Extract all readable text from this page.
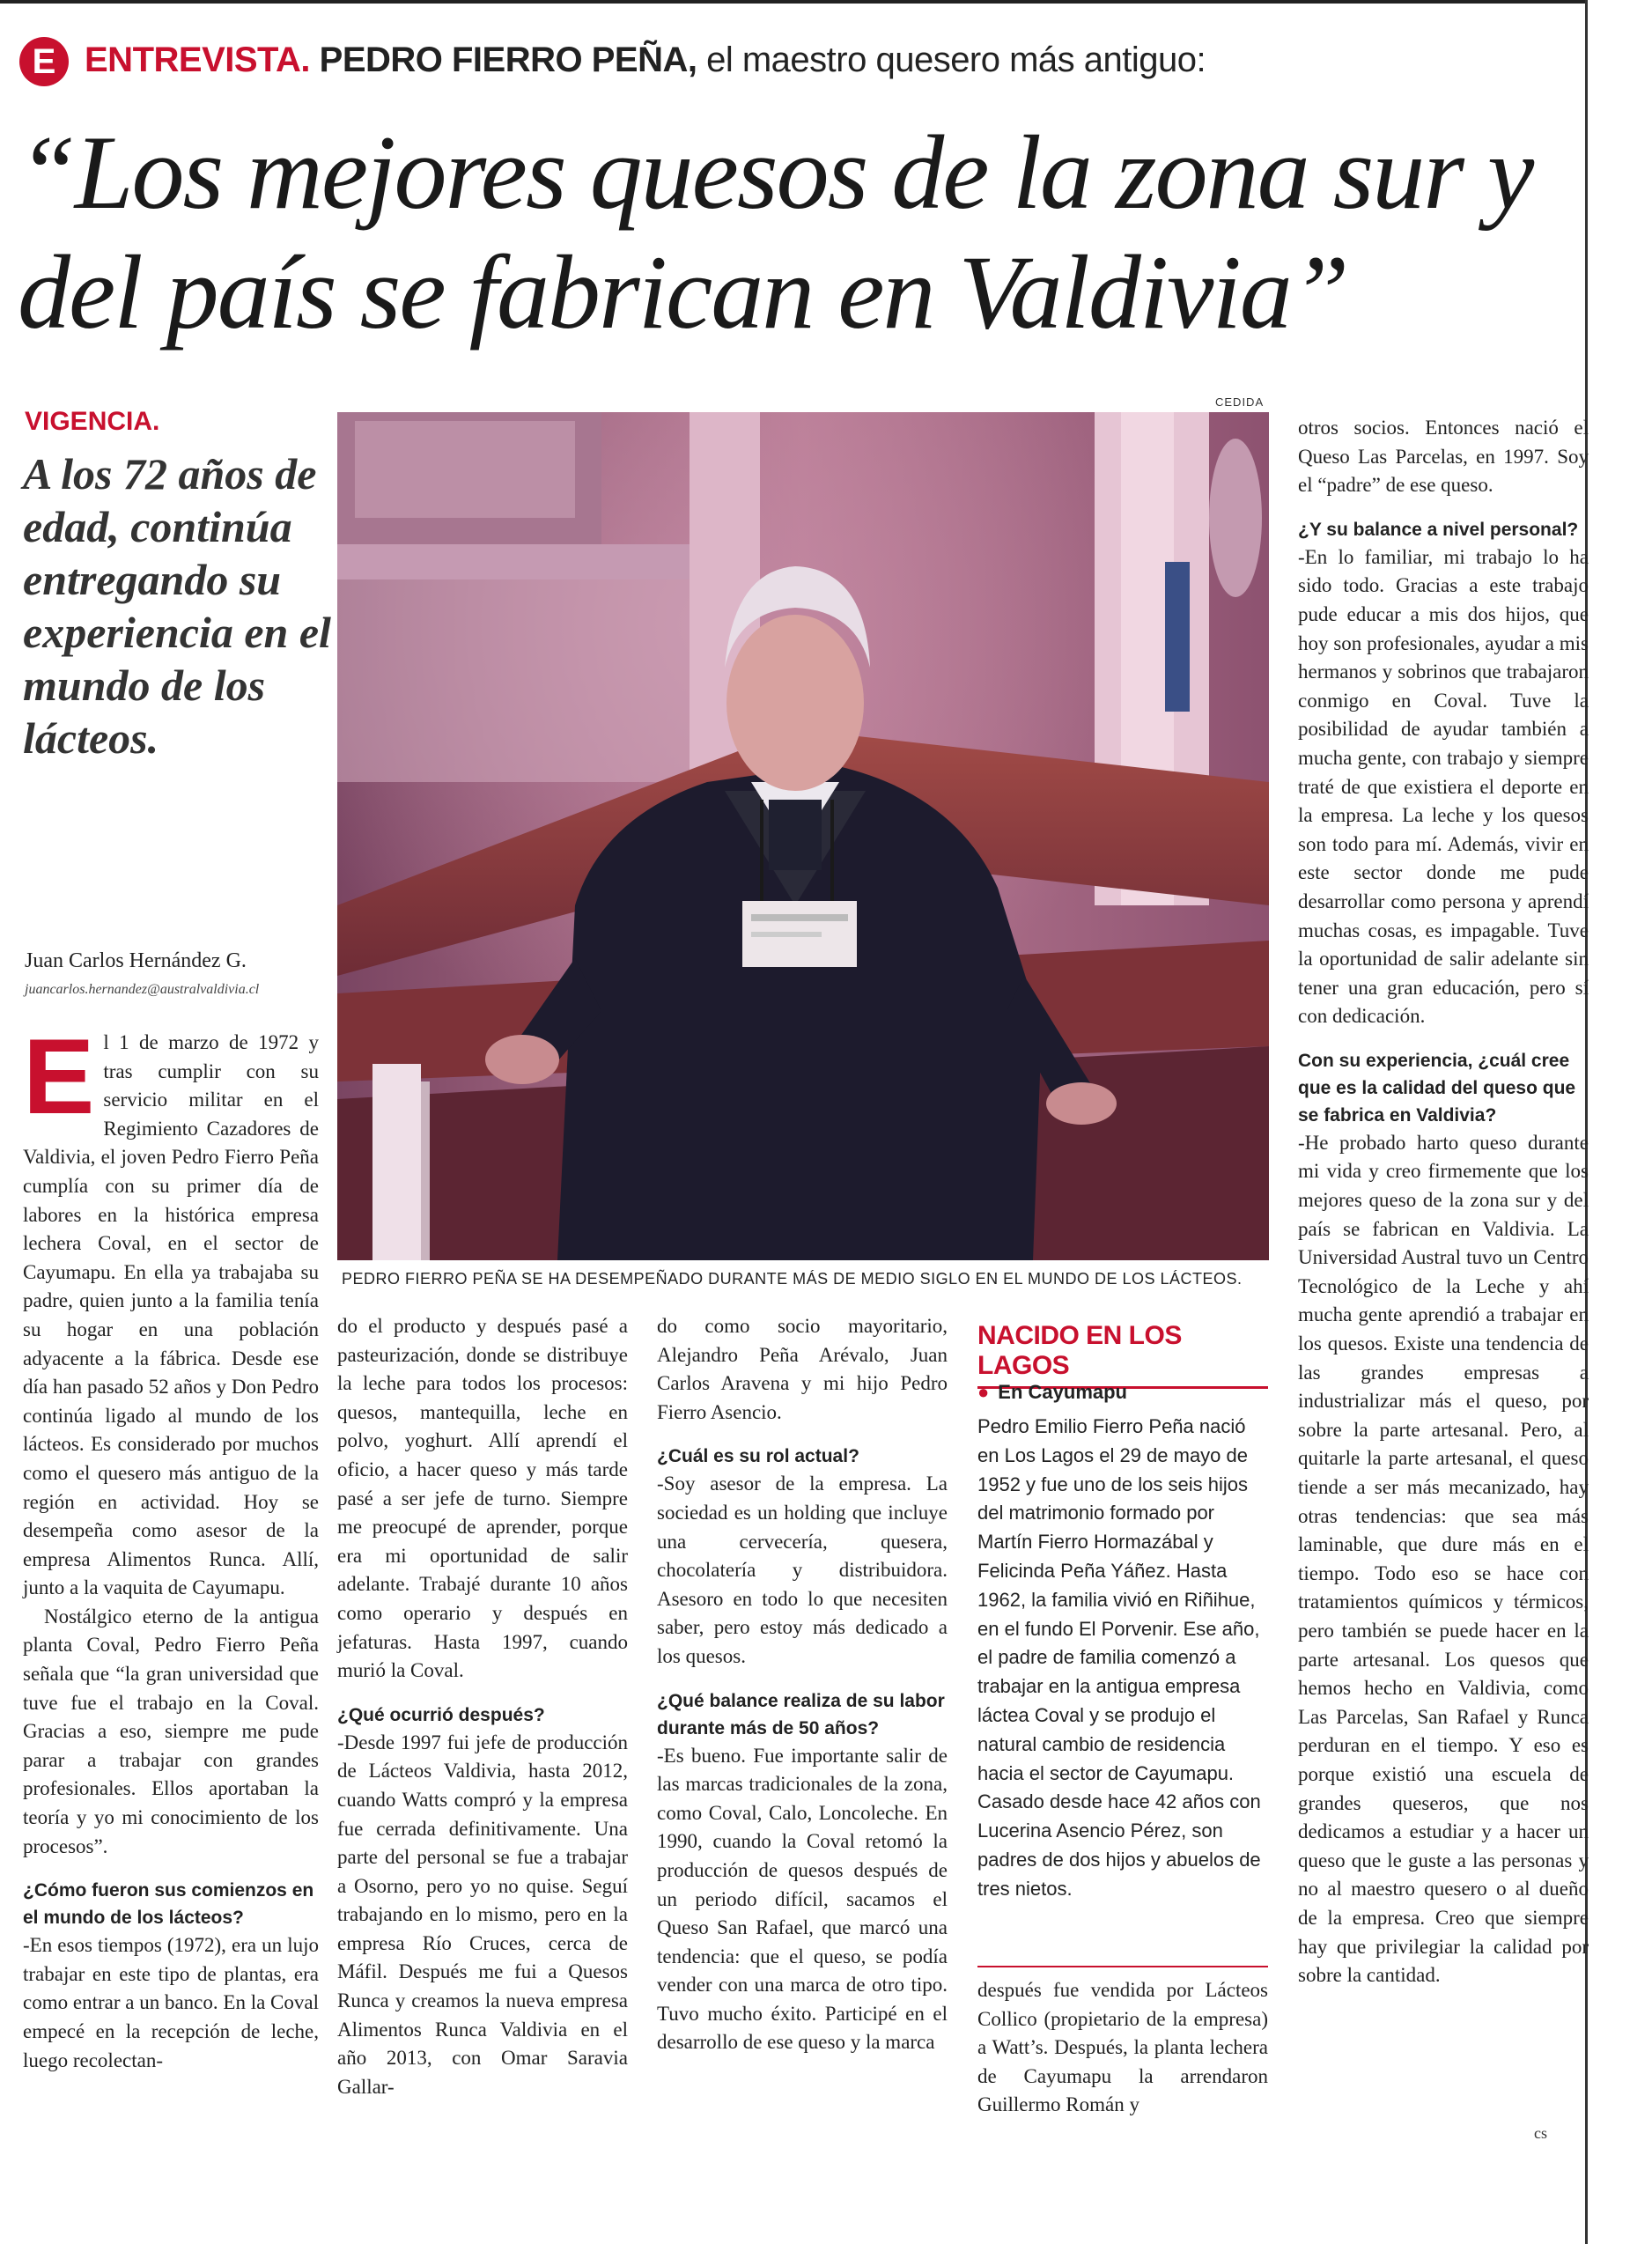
E ENTREVISTA. PEDRO FIERRO PEÑA, el maestro quesero más antiguo:
“Los mejores quesos de la zona sur y del país se fabrican en Valdivia”
VIGENCIA.
A los 72 años de edad, continúa entregando su experiencia en el mundo de los lácteos.
Juan Carlos Hernández G.
juancarlos.hernandez@australvaldivia.cl
CEDIDA
PEDRO FIERRO PEÑA SE HA DESEMPEÑADO DURANTE MÁS DE MEDIO SIGLO EN EL MUNDO DE LOS LÁCTEOS.
E l 1 de marzo de 1972 y tras cumplir con su servicio militar en el Regimiento Cazadores de Valdivia, el joven Pedro Fierro Peña cumplía con su primer día de labores en la histórica empresa lechera Coval, en el sector de Cayumapu. En ella ya trabajaba su padre, quien junto a la familia tenía su hogar en una población adyacente a la fábrica. Desde ese día han pasado 52 años y Don Pedro continúa ligado al mundo de los lácteos. Es considerado por muchos como el quesero más antiguo de la región en actividad. Hoy se desempeña como asesor de la empresa Alimentos Runca. Allí, junto a la vaquita de Cayumapu.

Nostálgico eterno de la antigua planta Coval, Pedro Fierro Peña señala que “la gran universidad que tuve fue el trabajo en la Coval. Gracias a eso, siempre me pude parar a trabajar con grandes profesionales. Ellos aportaban la teoría y yo mi conocimiento de los procesos”.

¿Cómo fueron sus comienzos en el mundo de los lácteos?

-En esos tiempos (1972), era un lujo trabajar en este tipo de plantas, era como entrar a un banco. En la Coval empecé en la recepción de leche, luego recolectan-

do el producto y después pasé a pasteurización, donde se distribuye la leche para todos los procesos: quesos, mantequilla, leche en polvo, yoghurt. Allí aprendí el oficio, a hacer queso y más tarde pasé a ser jefe de turno. Siempre me preocupé de aprender, porque era mi oportunidad de salir adelante. Trabajé durante 10 años como operario y después en jefaturas. Hasta 1997, cuando murió la Coval.

¿Qué ocurrió después?

-Desde 1997 fui jefe de producción de Lácteos Valdivia, hasta 2012, cuando Watts compró y la empresa fue cerrada definitivamente. Una parte del personal se fue a trabajar a Osorno, pero yo no quise. Seguí trabajando en lo mismo, pero en la empresa Río Cruces, cerca de Máfil. Después me fui a Quesos Runca y creamos la nueva empresa Alimentos Runca Valdivia en el año 2013, con Omar Saravia Gallar-

do como socio mayoritario, Alejandro Peña Arévalo, Juan Carlos Aravena y mi hijo Pedro Fierro Asencio.

¿Cuál es su rol actual?

-Soy asesor de la empresa. La sociedad es un holding que incluye una cervecería, quesera, chocolatería y distribuidora. Asesoro en todo lo que necesiten saber, pero estoy más dedicado a los quesos.

¿Qué balance realiza de su labor durante más de 50 años?

-Es bueno. Fue importante salir de las marcas tradicionales de la zona, como Coval, Calo, Loncoleche. En 1990, cuando la Coval retomó la producción de quesos después de un periodo difícil, sacamos el Queso San Rafael, que marcó una tendencia: que el queso, se podía vender con una marca de otro tipo. Tuvo mucho éxito. Participé en el desarrollo de ese queso y la marca

NACIDO EN LOS LAGOS
● En Cayumapu

Pedro Emilio Fierro Peña nació en Los Lagos el 29 de mayo de 1952 y fue uno de los seis hijos del matrimonio formado por Martín Fierro Hormazábal y Felicinda Peña Yáñez. Hasta 1962, la familia vivió en Riñihue, en el fundo El Porvenir. Ese año, el padre de familia comenzó a trabajar en la antigua empresa láctea Coval y se produjo el natural cambio de residencia hacia el sector de Cayumapu.

Casado desde hace 42 años con Lucerina Asencio Pérez, son padres de dos hijos y abuelos de tres nietos.

después fue vendida por Lácteos Collico (propietario de la empresa) a Watt’s. Después, la planta lechera de Cayumapu la arrendaron Guillermo Román y

otros socios. Entonces nació el Queso Las Parcelas, en 1997. Soy el “padre” de ese queso.

¿Y su balance a nivel personal?

-En lo familiar, mi trabajo lo ha sido todo. Gracias a este trabajo pude educar a mis dos hijos, que hoy son profesionales, ayudar a mis hermanos y sobrinos que trabajaron conmigo en Coval. Tuve la posibilidad de ayudar también a mucha gente, con trabajo y siempre traté de que existiera el deporte en la empresa. La leche y los quesos son todo para mí. Además, vivir en este sector donde me pude desarrollar como persona y aprendí muchas cosas, es impagable. Tuve la oportunidad de salir adelante sin tener una gran educación, pero sí con dedicación.

Con su experiencia, ¿cuál cree que es la calidad del queso que se fabrica en Valdivia?

-He probado harto queso durante mi vida y creo firmemente que los mejores queso de la zona sur y del país se fabrican en Valdivia. La Universidad Austral tuvo un Centro Tecnológico de la Leche y ahí mucha gente aprendió a trabajar en los quesos. Existe una tendencia de las grandes empresas a industrializar más el queso, por sobre la parte artesanal. Pero, al quitarle la parte artesanal, el queso tiende a ser más mecanizado, hay otras tendencias: que sea más laminable, que dure más en el tiempo. Todo eso se hace con tratamientos químicos y térmicos, pero también se puede hacer en la parte artesanal. Los quesos que hemos hecho en Valdivia, como Las Parcelas, San Rafael y Runca perduran en el tiempo. Y eso es porque existió una escuela de grandes queseros, que nos dedicamos a estudiar y a hacer un queso que le guste a las personas y no al maestro quesero o al dueño de la empresa. Creo que siempre hay que privilegiar la calidad por sobre la cantidad.

cs
